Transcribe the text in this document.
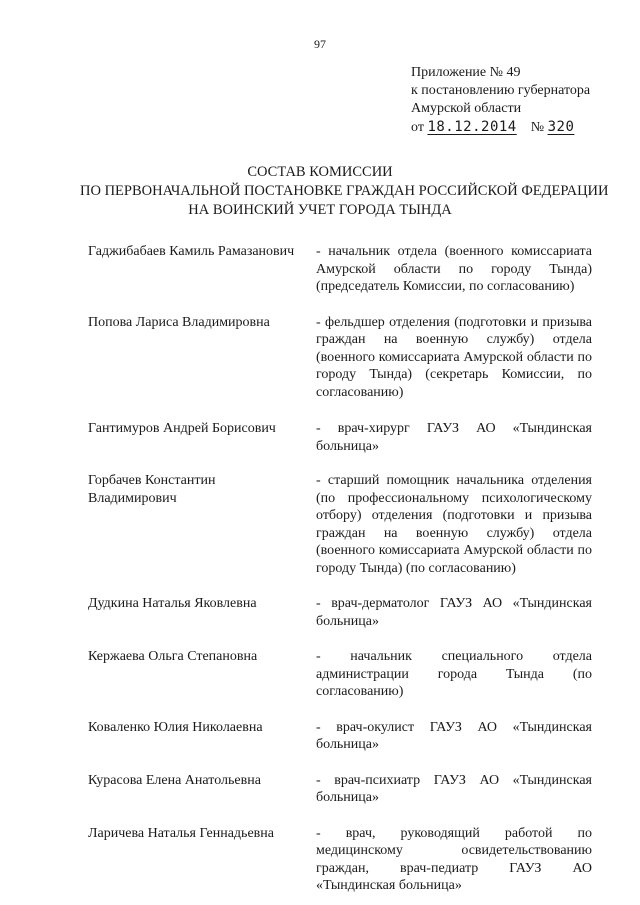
97
Приложение № 49
к постановлению губернатора
Амурской области
от 18.12.2014 № 320
СОСТАВ КОМИССИИ
ПО ПЕРВОНАЧАЛЬНОЙ ПОСТАНОВКЕ ГРАЖДАН РОССИЙСКОЙ ФЕДЕРАЦИИ
НА ВОИНСКИЙ УЧЕТ ГОРОДА ТЫНДА
Гаджибабаев Камиль Рамазанович - начальник отдела (военного комиссариата Амурской области по городу Тында) (председатель Комиссии, по согласованию)
Попова Лариса Владимировна	- фельдшер отделения (подготовки и призыва граждан на военную службу) отдела (военного комиссариата Амурской области по городу Тында) (секретарь Комиссии, по согласованию)
Гантимуров Андрей Борисович	- врач-хирург ГАУЗ АО «Тындинская больница»
Горбачев Константин Владимирович
- старший помощник начальника отделения (по профессиональному психологическому отбору) отделения (подготовки и призыва граждан на военную службу) отдела (военного комиссариата Амурской области по городу Тында) (по согласованию)
Дудкина Наталья Яковлевна	- врач-дерматолог ГАУЗ АО «Тындинская больница»
Кержаева Ольга Степановна	- начальник специального отдела администрации города Тында (по согласованию)
Коваленко Юлия Николаевна	- врач-окулист ГАУЗ АО «Тындинская больница»
Курасова Елена Анатольевна	- врач-психиатр ГАУЗ АО «Тындинская больница»
Ларичева Наталья Геннадьевна	- врач, руководящий работой по медицинскому освидетельствованию граждан, врач-педиатр ГАУЗ АО «Тындинская больница»
